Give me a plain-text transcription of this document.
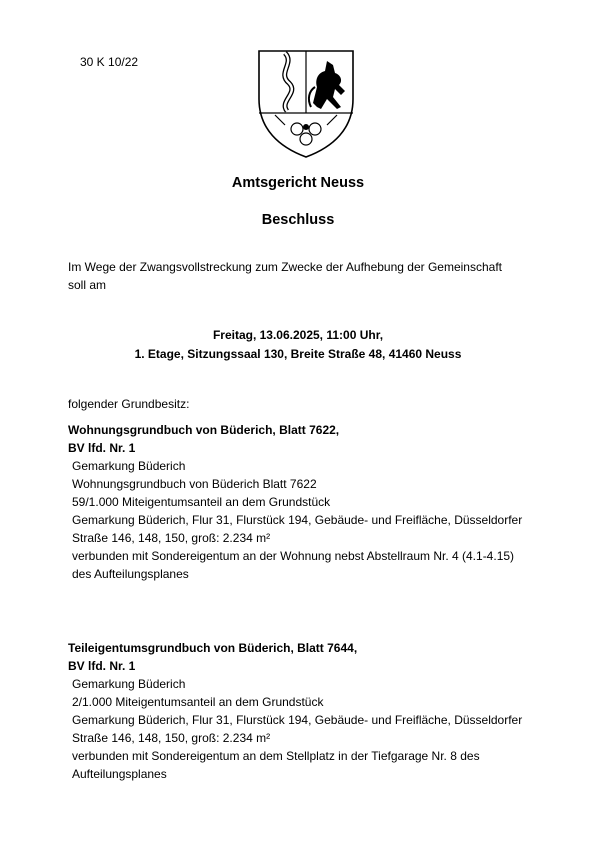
30 K 10/22
Amtsgericht Neuss
Beschluss
Im Wege der Zwangsvollstreckung zum Zwecke der Aufhebung der Gemeinschaft
soll am
Freitag, 13.06.2025, 11:00 Uhr,
1. Etage, Sitzungssaal 130, Breite Straße 48, 41460 Neuss
folgender Grundbesitz:
Wohnungsgrundbuch von Büderich, Blatt 7622,
BV lfd. Nr. 1
Gemarkung Büderich
Wohnungsgrundbuch von Büderich Blatt 7622
59/1.000 Miteigentumsanteil an dem Grundstück
Gemarkung Büderich, Flur 31, Flurstück 194, Gebäude- und Freifläche, Düsseldorfer
Straße 146, 148, 150, groß: 2.234 m²
verbunden mit Sondereigentum an der Wohnung nebst Abstellraum Nr. 4 (4.1-4.15)
des Aufteilungsplanes
Teileigentumsgrundbuch von Büderich, Blatt 7644,
BV lfd. Nr. 1
Gemarkung Büderich
2/1.000 Miteigentumsanteil an dem Grundstück
Gemarkung Büderich, Flur 31, Flurstück 194, Gebäude- und Freifläche, Düsseldorfer
Straße 146, 148, 150, groß: 2.234 m²
verbunden mit Sondereigentum an dem Stellplatz in der Tiefgarage Nr. 8 des
Aufteilungsplanes
